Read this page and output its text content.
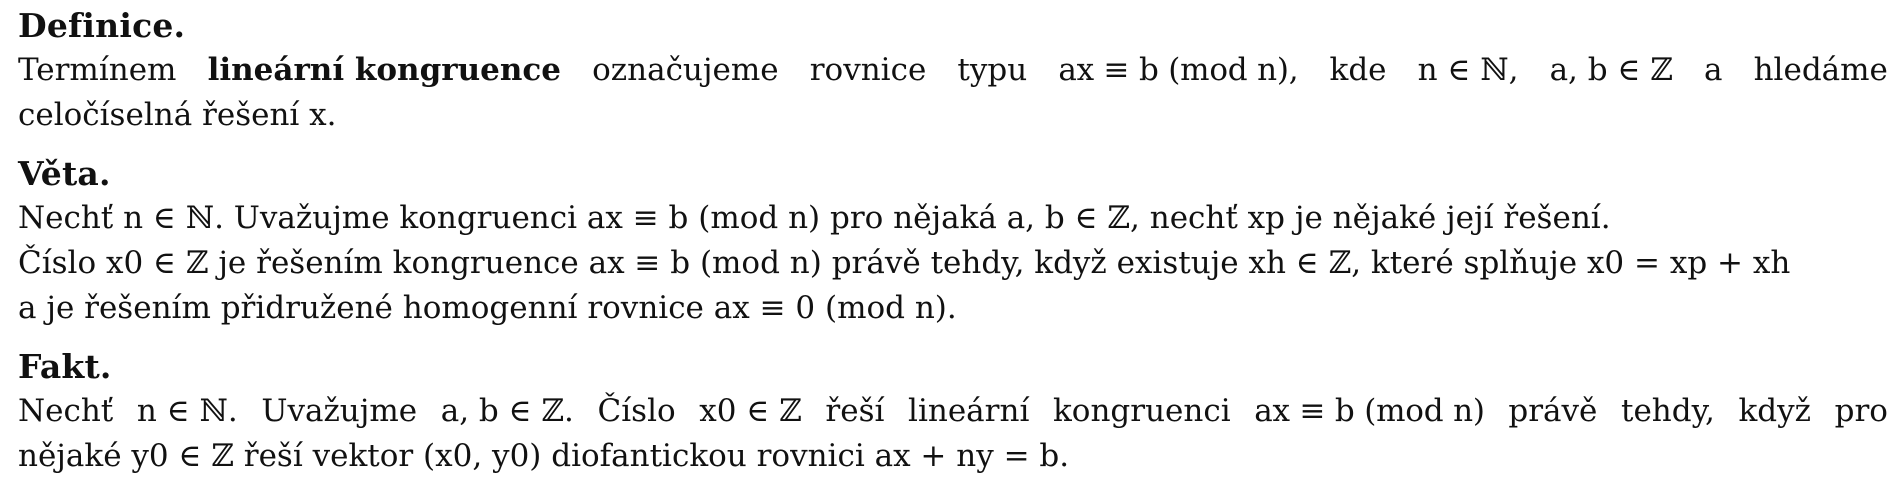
Definice.
Termínem lineární kongruence označujeme rovnice typu ax ≡ b (mod n), kde n ∈ ℕ, a, b ∈ ℤ a hledáme
celočíselná řešení x.
Věta.
Nechť n ∈ ℕ. Uvažujme kongruenci ax ≡ b (mod n) pro nějaká a, b ∈ ℤ, nechť xp je nějaké její řešení.
Číslo x0 ∈ ℤ je řešením kongruence ax ≡ b (mod n) právě tehdy, když existuje xh ∈ ℤ, které splňuje x0 = xp + xh
a je řešením přidružené homogenní rovnice ax ≡ 0 (mod n).
Fakt.
Nechť n ∈ ℕ. Uvažujme a, b ∈ ℤ. Číslo x0 ∈ ℤ řeší lineární kongruenci ax ≡ b (mod n) právě tehdy, když pro
nějaké y0 ∈ ℤ řeší vektor (x0, y0) diofantickou rovnici ax + ny = b.
